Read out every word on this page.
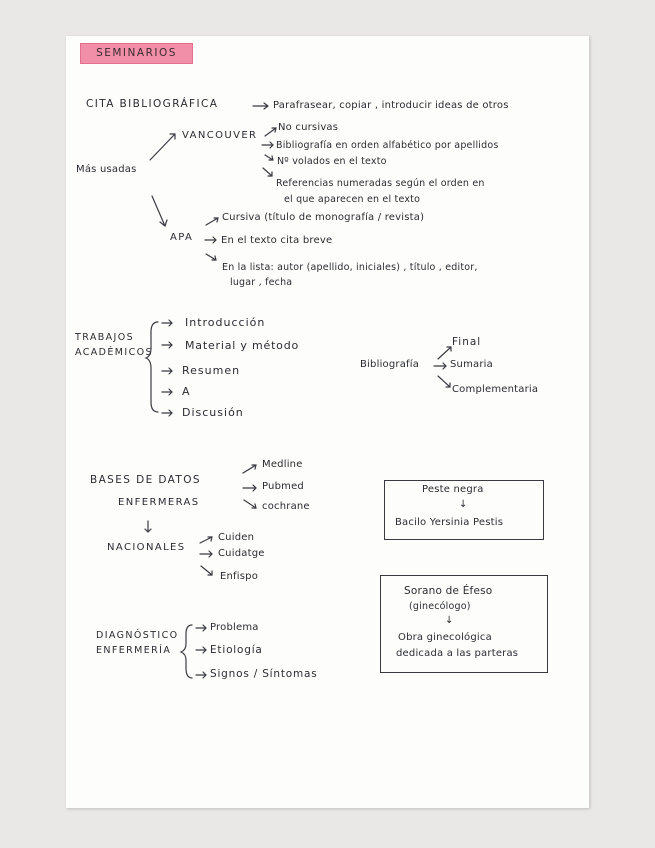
SEMINARIOS
CITA BIBLIOGRÁFICA	Parafrasear, copiar , introducir ideas de otros
Más usadas
VANCOUVER
No cursivas
Bibliografía en orden alfabético por apellidos
Nº volados en el texto
Referencias numeradas según el orden en
el que aparecen en el texto
APA
Cursiva (título de monografía / revista)
En el texto cita breve
En la lista: autor (apellido, iniciales) , título , editor,
lugar , fecha
TRABAJOS
ACADÉMICOS
Introducción
Material y método
Resumen
A
Discusión
Bibliografía
Final
Sumaria
Complementaria
BASES DE DATOS
ENFERMERAS
Medline
Pubmed
cochrane
NACIONALES
Cuiden
Cuidatge
Enfispo
Peste negra
↓
Bacilo Yersinia Pestis
Sorano de Éfeso
(ginecólogo)
↓
Obra ginecológica
dedicada a las parteras
DIAGNÓSTICO
ENFERMERÍA
Problema
Etiología
Signos / Síntomas
